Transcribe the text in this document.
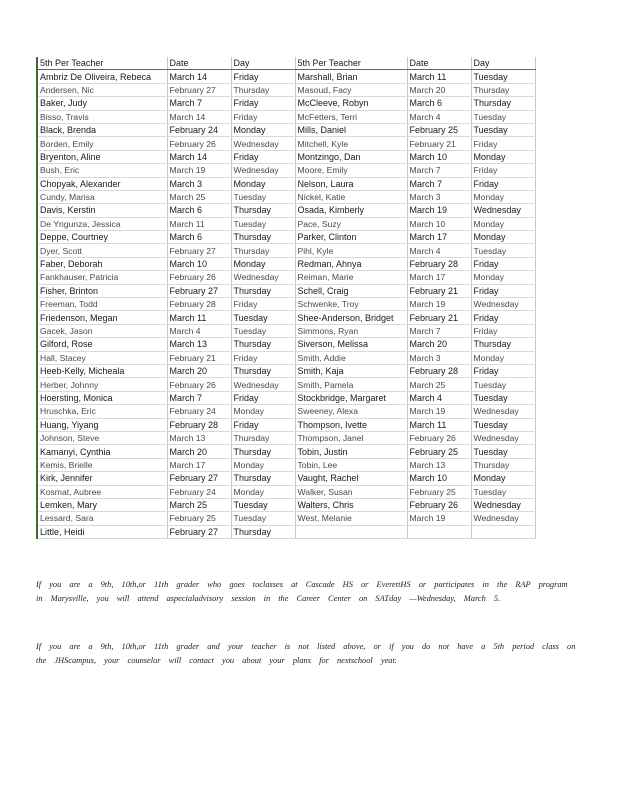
5th Per Teacher	Date	Day	5th Per Teacher	Date	Day
Ambriz De Oliveira, Rebeca	March 14	Friday	Marshall, Brian	March 11	Tuesday
Andersen, Nic	February 27	Thursday	Masoud, Facy	March 20	Thursday
Baker, Judy	March 7	Friday	McCleeve, Robyn	March 6	Thursday
Bisso, Travis	March 14	Friday	McFetters, Terri	March 4	Tuesday
Black, Brenda	February 24	Monday	Mills, Daniel	February 25	Tuesday
Borden, Emily	February 26	Wednesday	Mitchell, Kyle	February 21	Friday
Bryenton, Aline	March 14	Friday	Montzingo, Dan	March 10	Monday
Bush, Eric	March 19	Wednesday	Moore, Emily	March 7	Friday
Chopyak, Alexander	March 3	Monday	Nelson, Laura	March 7	Friday
Cundy, Marisa	March 25	Tuesday	Nickel, Katie	March 3	Monday
Davis, Kerstin	March 6	Thursday	Osada, Kimberly	March 19	Wednesday
De Yngunza, Jessica	March 11	Tuesday	Pace, Suzy	March 10	Monday
Deppe, Courtney	March 6	Thursday	Parker, Clinton	March 17	Monday
Dyer, Scott	February 27	Thursday	Pihl, Kyle	March 4	Tuesday
Faber, Deborah	March 10	Monday	Redman, Ahnya	February 28	Friday
Fankhauser, Patricia	February 26	Wednesday	Reiman, Marie	March 17	Monday
Fisher, Brinton	February 27	Thursday	Schell, Craig	February 21	Friday
Freeman, Todd	February 28	Friday	Schwenke, Troy	March 19	Wednesday
Friedenson, Megan	March 11	Tuesday	Shee-Anderson, Bridget	February 21	Friday
Gacek, Jason	March 4	Tuesday	Simmons, Ryan	March 7	Friday
Gilford, Rose	March 13	Thursday	Siverson, Melissa	March 20	Thursday
Hall, Stacey	February 21	Friday	Smith, Addie	March 3	Monday
Heeb-Kelly, Micheala	March 20	Thursday	Smith, Kaja	February 28	Friday
Herber, Johnny	February 26	Wednesday	Smith, Pamela	March 25	Tuesday
Hoersting, Monica	March 7	Friday	Stockbridge, Margaret	March 4	Tuesday
Hruschka, Eric	February 24	Monday	Sweeney, Alexa	March 19	Wednesday
Huang, Yiyang	February 28	Friday	Thompson, Ivette	March 11	Tuesday
Johnson, Steve	March 13	Thursday	Thompson, Janel	February 26	Wednesday
Kamanyi, Cynthia	March 20	Thursday	Tobin, Justin	February 25	Tuesday
Kemis, Brielle	March 17	Monday	Tobin, Lee	March 13	Thursday
Kirk, Jennifer	February 27	Thursday	Vaught, Rachel	March 10	Monday
Kosmat, Aubree	February 24	Monday	Walker, Susan	February 25	Tuesday
Lemken, Mary	March 25	Tuesday	Walters, Chris	February 26	Wednesday
Lessard, Sara	February 25	Tuesday	West, Melanie	March 19	Wednesday
Little, Heidi	February 27	Thursday			

If you are a 9th, 10th,or 11th grader who goes toclasses at Cascade HS or EverettHS or participates in the RAP program in Marysville, you will attend aspecialadvisory session in the Career Center on SATday —Wednesday, March 5.

If you are a 9th, 10th,or 11th grader and your teacher is not listed above, or if you do not have a 5th period class on the JHScampus, your counselor will contact you about your plans for nextschool year.
